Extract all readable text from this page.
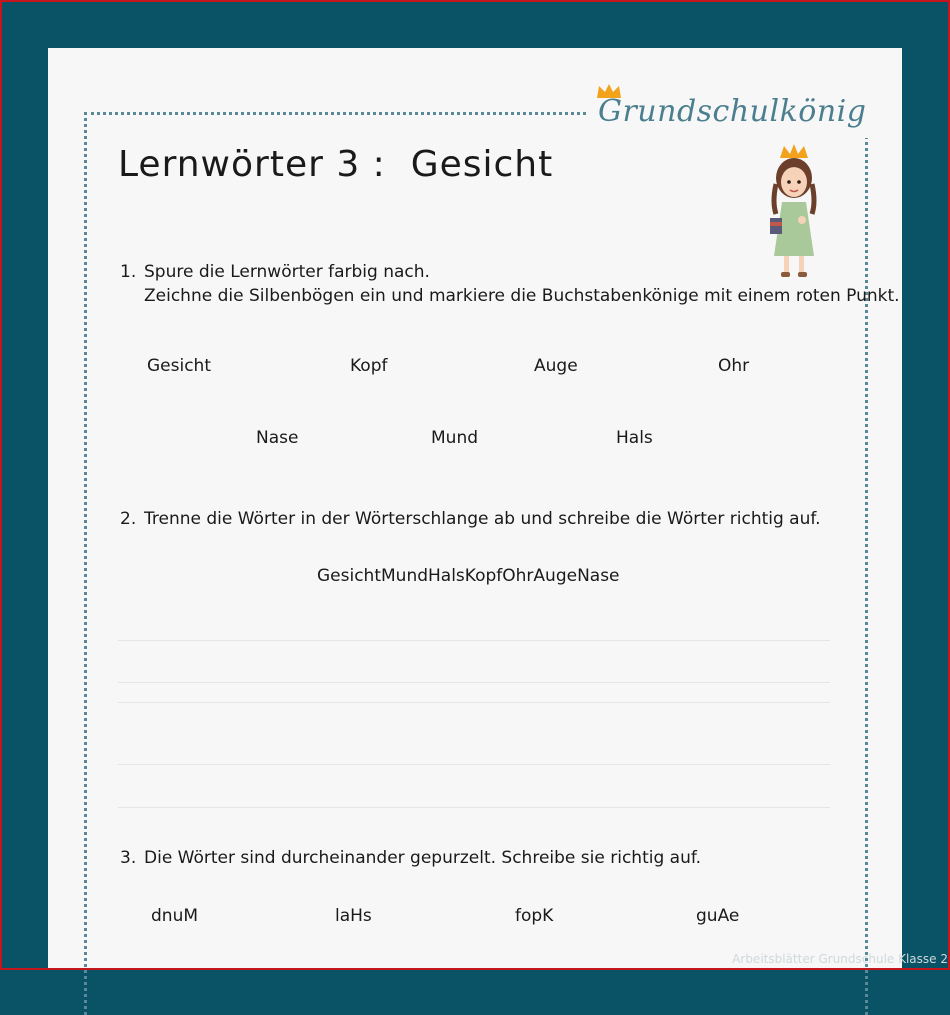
Grundschulkönig
Lernwörter 3 :  Gesicht
1. Spure die Lernwörter farbig nach.
Zeichne die Silbenbögen ein und markiere die Buchstabenkönige mit einem roten Punkt.
Gesicht	Kopf	Auge	Ohr
Nase	Mund	Hals
2. Trenne die Wörter in der Wörterschlange ab und schreibe die Wörter richtig auf.
GesichtMundHalsKopfOhrAugeNase
3. Die Wörter sind durcheinander gepurzelt. Schreibe sie richtig auf.
dnuM	laHs	fopK	guAe
Arbeitsblätter Grundschule Klasse 2
